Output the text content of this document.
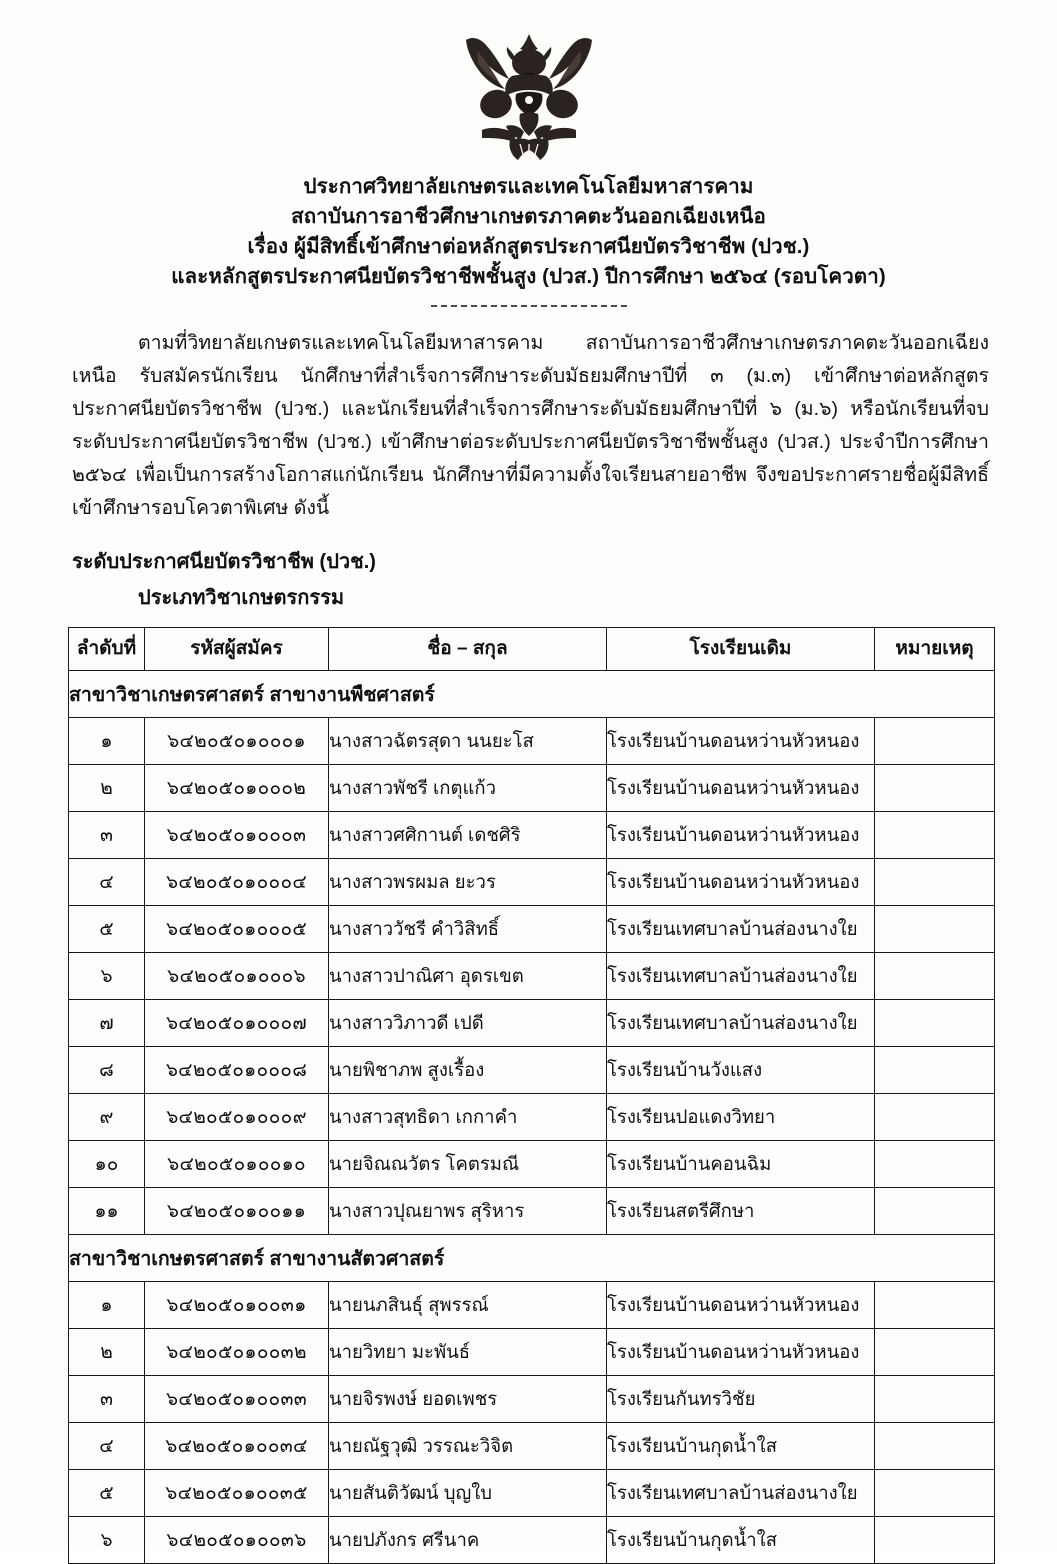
ประกาศวิทยาลัยเกษตรและเทคโนโลยีมหาสารคาม
สถาบันการอาชีวศึกษาเกษตรภาคตะวันออกเฉียงเหนือ
เรื่อง ผู้มีสิทธิ์เข้าศึกษาต่อหลักสูตรประกาศนียบัตรวิชาชีพ (ปวช.)
และหลักสูตรประกาศนียบัตรวิชาชีพชั้นสูง (ปวส.) ปีการศึกษา ๒๕๖๔ (รอบโควตา)

ตามที่วิทยาลัยเกษตรและเทคโนโลยีมหาสารคาม สถาบันการอาชีวศึกษาเกษตรภาคตะวันออกเฉียงเหนือ รับสมัครนักเรียน นักศึกษาที่สำเร็จการศึกษาระดับมัธยมศึกษาปีที่ ๓ (ม.๓) เข้าศึกษาต่อหลักสูตรประกาศนียบัตรวิชาชีพ (ปวช.) และนักเรียนที่สำเร็จการศึกษาระดับมัธยมศึกษาปีที่ ๖ (ม.๖) หรือนักเรียนที่จบระดับประกาศนียบัตรวิชาชีพ (ปวช.) เข้าศึกษาต่อระดับประกาศนียบัตรวิชาชีพชั้นสูง (ปวส.) ประจำปีการศึกษา ๒๕๖๔ เพื่อเป็นการสร้างโอกาสแก่นักเรียน นักศึกษาที่มีความตั้งใจเรียนสายอาชีพ จึงขอประกาศรายชื่อผู้มีสิทธิ์เข้าศึกษารอบโควตาพิเศษ ดังนี้

ระดับประกาศนียบัตรวิชาชีพ (ปวช.)
ประเภทวิชาเกษตรกรรม
ลำดับที่	รหัสผู้สมัคร	ชื่อ – สกุล	โรงเรียนเดิม	หมายเหตุ
สาขาวิชาเกษตรศาสตร์ สาขางานพืชศาสตร์				
๑	๖๔๒๐๕๐๑๐๐๐๑	นางสาวฉัตรสุดา นนยะโส	โรงเรียนบ้านดอนหว่านหัวหนอง	
๒	๖๔๒๐๕๐๑๐๐๐๒	นางสาวพัชรี เกตุแก้ว	โรงเรียนบ้านดอนหว่านหัวหนอง	
๓	๖๔๒๐๕๐๑๐๐๐๓	นางสาวศศิกานต์ เดชศิริ	โรงเรียนบ้านดอนหว่านหัวหนอง	
๔	๖๔๒๐๕๐๑๐๐๐๔	นางสาวพรผมล ยะวร	โรงเรียนบ้านดอนหว่านหัวหนอง	
๕	๖๔๒๐๕๐๑๐๐๐๕	นางสาววัชรี คำวิสิทธิ์	โรงเรียนเทศบาลบ้านส่องนางใย	
๖	๖๔๒๐๕๐๑๐๐๐๖	นางสาวปาณิศา อุดรเขต	โรงเรียนเทศบาลบ้านส่องนางใย	
๗	๖๔๒๐๕๐๑๐๐๐๗	นางสาววิภาวดี เปดี	โรงเรียนเทศบาลบ้านส่องนางใย	
๘	๖๔๒๐๕๐๑๐๐๐๘	นายพิชาภพ สูงเรื้อง	โรงเรียนบ้านวังแสง	
๙	๖๔๒๐๕๐๑๐๐๐๙	นางสาวสุทธิดา เกกาคำ	โรงเรียนปอแดงวิทยา	
๑๐	๖๔๒๐๕๐๑๐๐๑๐	นายจิณณวัตร โคตรมณี	โรงเรียนบ้านคอนฉิม	
๑๑	๖๔๒๐๕๐๑๐๐๑๑	นางสาวปุณยาพร สุริหาร	โรงเรียนสตรีศึกษา	
สาขาวิชาเกษตรศาสตร์ สาขางานสัตวศาสตร์				
๑	๖๔๒๐๕๐๑๐๐๓๑	นายนภสินธ์ุ สุพรรณ์	โรงเรียนบ้านดอนหว่านหัวหนอง	
๒	๖๔๒๐๕๐๑๐๐๓๒	นายวิทยา มะพันธ์	โรงเรียนบ้านดอนหว่านหัวหนอง	
๓	๖๔๒๐๕๐๑๐๐๓๓	นายจิรพงษ์ ยอดเพชร	โรงเรียนกันทรวิชัย	
๔	๖๔๒๐๕๐๑๐๐๓๔	นายณัฐวุฒิ วรรณะวิจิต	โรงเรียนบ้านกุดน้ำใส	
๕	๖๔๒๐๕๐๑๐๐๓๕	นายสันติวัฒน์ บุญใบ	โรงเรียนเทศบาลบ้านส่องนางใย	
๖	๖๔๒๐๕๐๑๐๐๓๖	นายปภังกร ศรีนาค	โรงเรียนบ้านกุดน้ำใส	
